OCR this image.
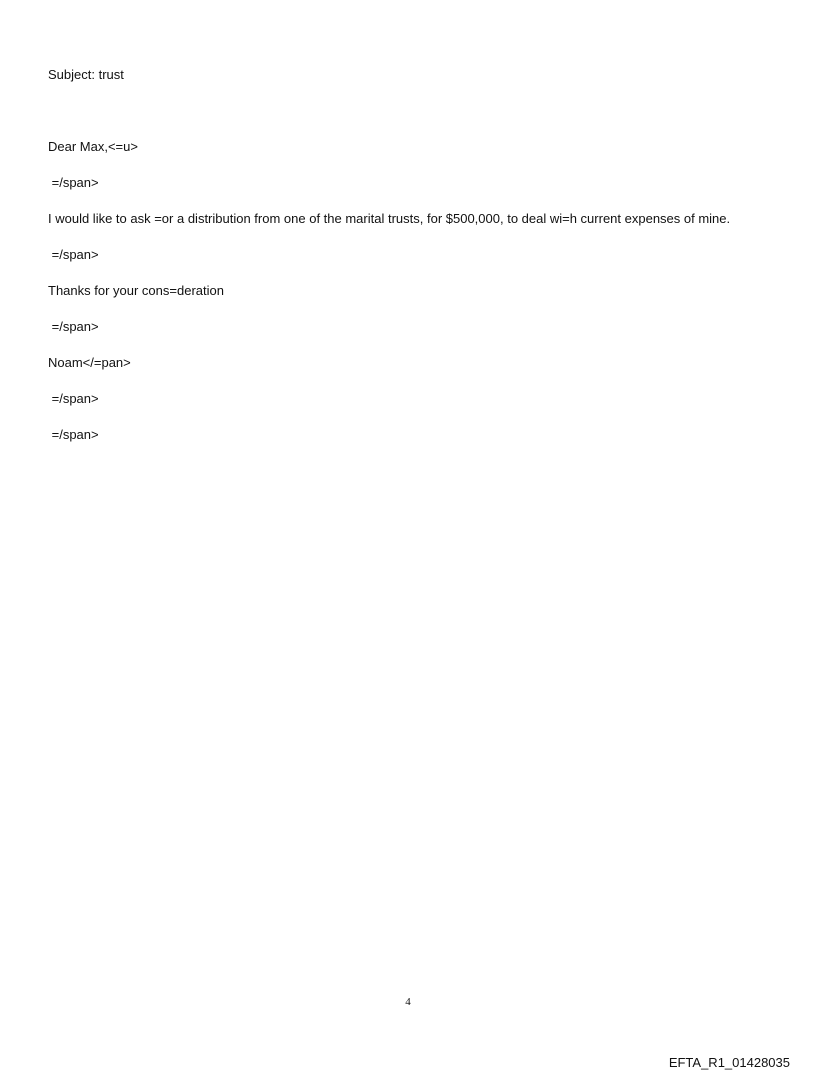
Subject: trust
Dear Max,<=u>
=/span>
I would like to ask =or a distribution from one of the marital trusts, for $500,000, to deal wi=h current expenses of mine.
=/span>
Thanks for your cons=deration
=/span>
Noam</=pan>
=/span>
=/span>
4
EFTA_R1_01428035
